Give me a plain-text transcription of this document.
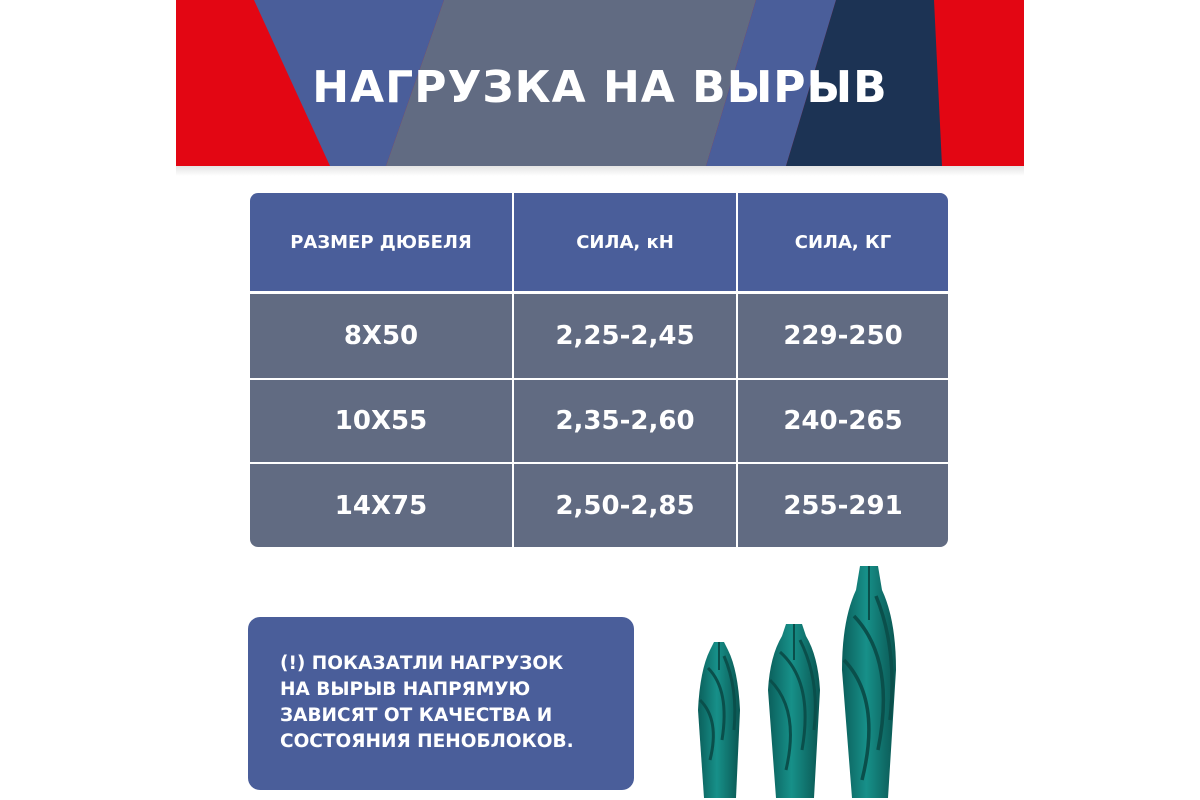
НАГРУЗКА НА ВЫРЫВ
РАЗМЕР ДЮБЕЛЯ	СИЛА, кН	СИЛА, КГ
8X50	2,25-2,45	229-250
10X55	2,35-2,60	240-265
14X75	2,50-2,85	255-291
(!) ПОКАЗАТЛИ НАГРУЗОК
НА ВЫРЫВ НАПРЯМУЮ
ЗАВИСЯТ ОТ КАЧЕСТВА И
СОСТОЯНИЯ ПЕНОБЛОКОВ.
